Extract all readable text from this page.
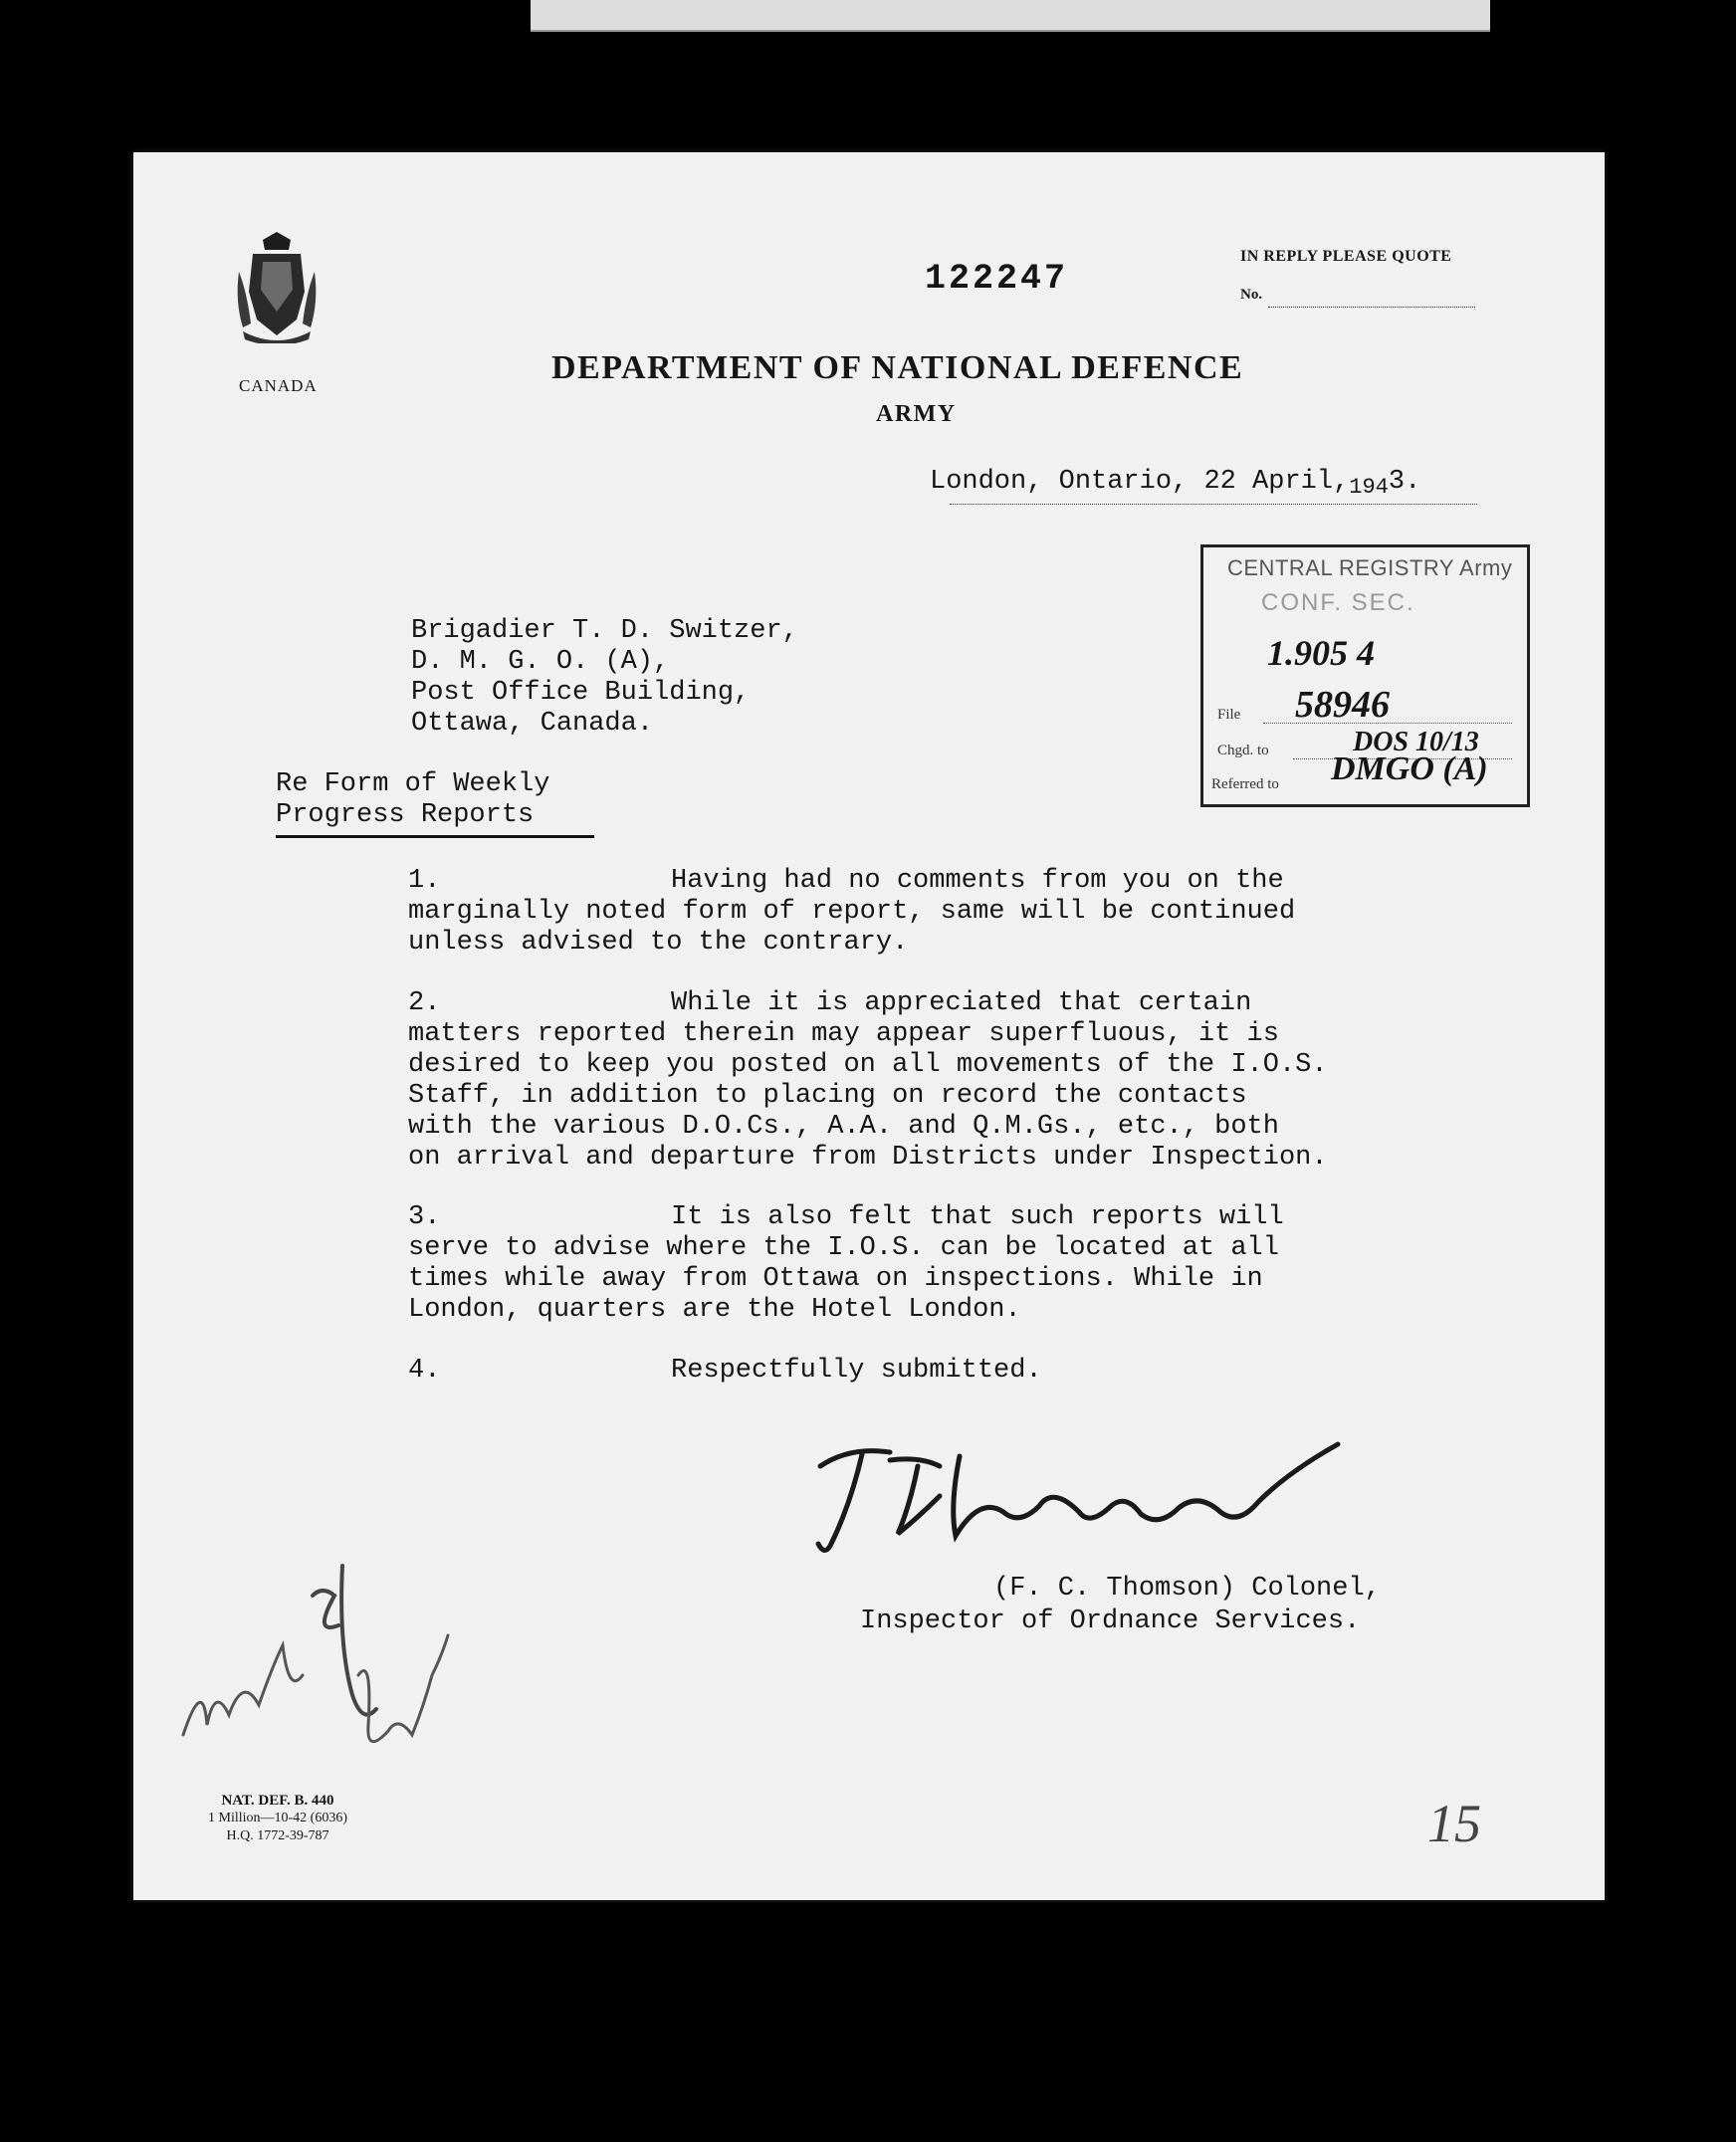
CANADA
122247
IN REPLY PLEASE QUOTE
No.
DEPARTMENT OF NATIONAL DEFENCE
ARMY
London, Ontario, 22 April,1943.
CENTRAL REGISTRY Army
CONF. SEC.
1.905 4
File 58946
Chgd. to	DOS 10/13
Referred to DMGO (A)
Brigadier T. D. Switzer,
D. M. G. O. (A),
Post Office Building,
Ottawa, Canada.
Re Form of Weekly
Progress Reports
1.	Having had no comments from you on the
marginally noted form of report, same will be continued
unless advised to the contrary.
2.	While it is appreciated that certain
matters reported therein may appear superfluous, it is
desired to keep you posted on all movements of the I.O.S.
Staff, in addition to placing on record the contacts
with the various D.O.Cs., A.A. and Q.M.Gs., etc., both
on arrival and departure from Districts under Inspection.
3.	It is also felt that such reports will
serve to advise where the I.O.S. can be located at all
times while away from Ottawa on inspections. While in
London, quarters are the Hotel London.
4.	Respectfully submitted.
(F. C. Thomson) Colonel,
Inspector of Ordnance Services.
NAT. DEF. B. 440
1 Million—10-42 (6036)
H.Q. 1772-39-787	15
